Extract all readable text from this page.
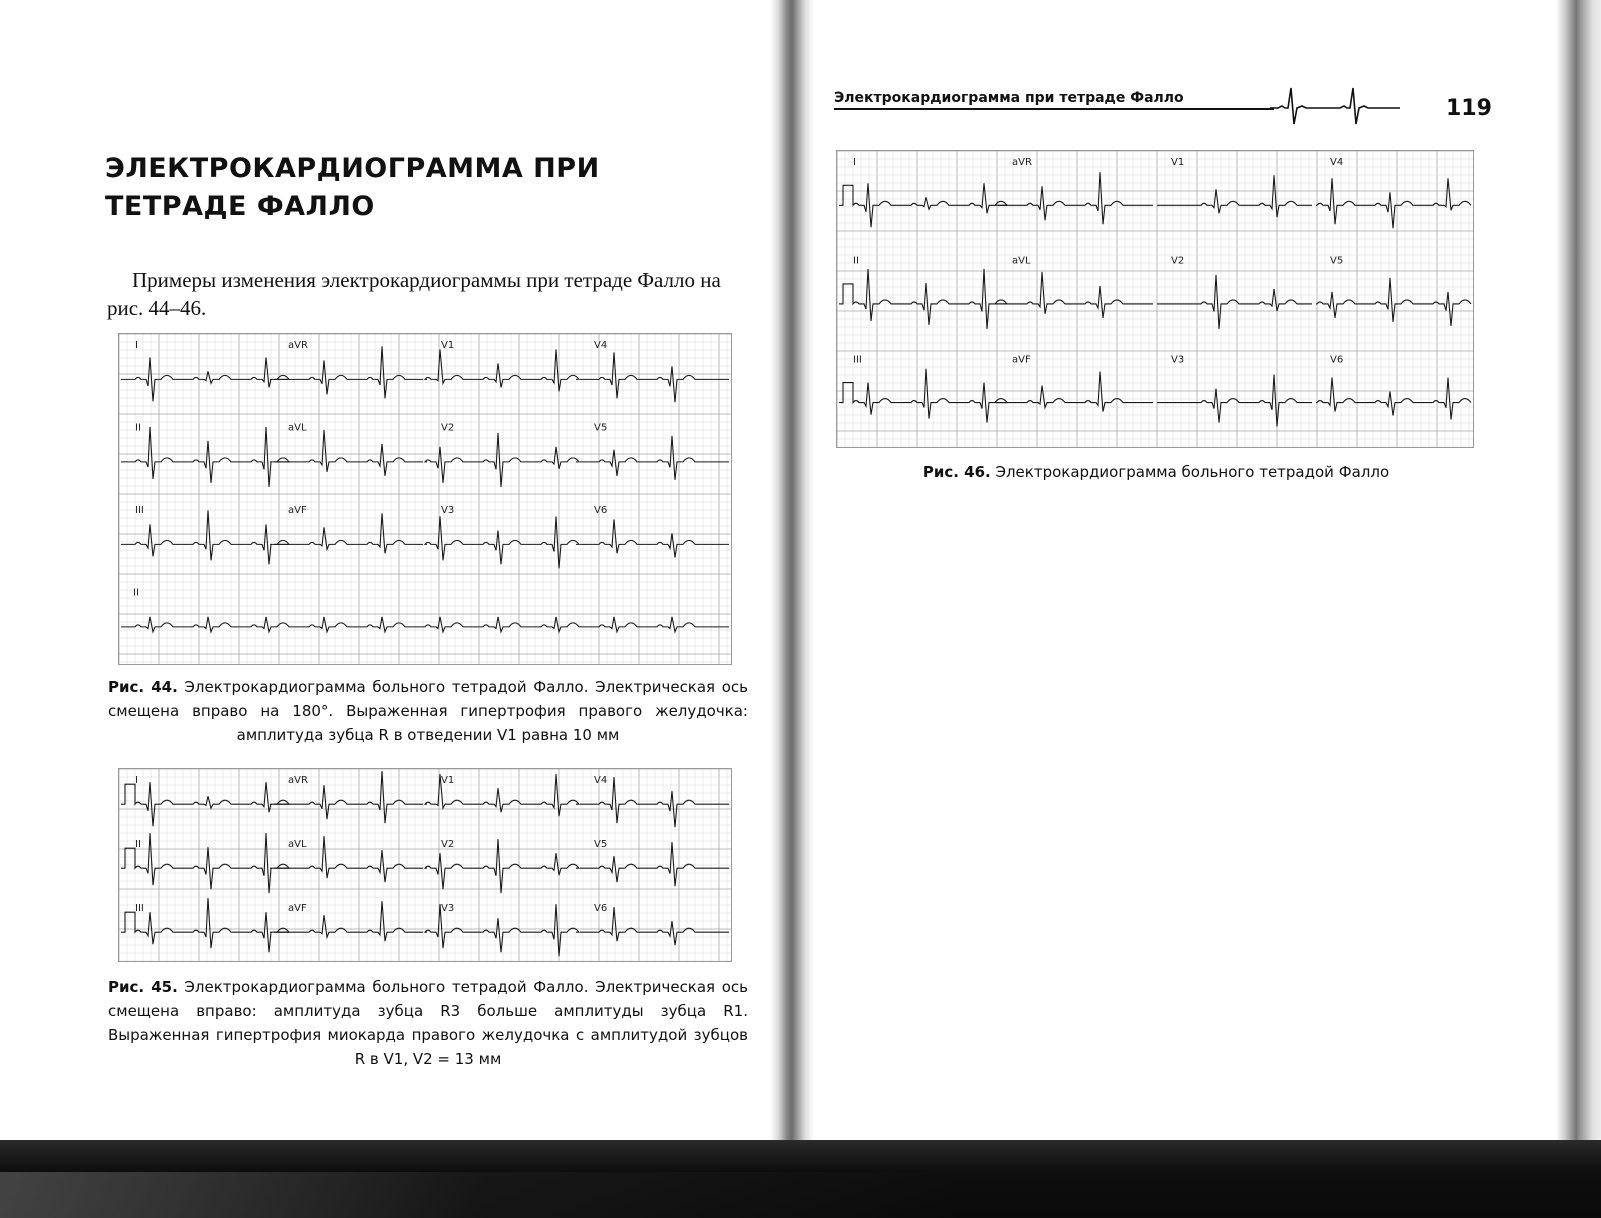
ЭЛЕКТРОКАРДИОГРАММА ПРИ ТЕТРАДЕ ФАЛЛО

Примеры изменения электрокардиограммы при тетраде Фалло на рис. 44–46.

I	aVR	V1	V4
II	aVL	V2	V5
III	aVF	V3	V6
II

Рис. 44. Электрокардиограмма больного тетрадой Фалло. Электрическая ось смещена вправо на 180°. Выраженная гипертрофия правого желудочка: амплитуда зубца R в отведении V1 равна 10 мм

I	aVR	V1	V4
II	aVL	V2	V5
III	aVF	V3	V6

Рис. 45. Электрокардиограмма больного тетрадой Фалло. Электрическая ось смещена вправо: амплитуда зубца R3 больше амплитуды зубца R1. Выраженная гипертрофия миокарда правого желудочка с амплитудой зубцов R в V1, V2 = 13 мм

Электрокардиограмма при тетраде Фалло	119
I	aVR	V1	V4
II	aVL	V2	V5
III	aVF	V3	V6

Рис. 46. Электрокардиограмма больного тетрадой Фалло
